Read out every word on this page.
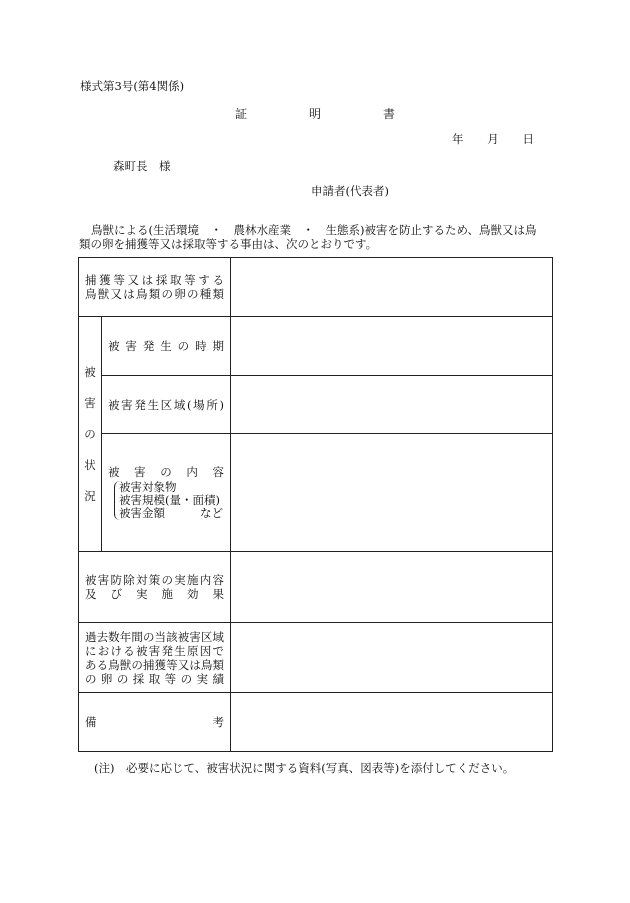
様式第3号(第4関係)
証	明	書
年 月 日
森町長　様
申請者(代表者)
鳥獣による(生活環境　・　農林水産業　・　生態系)被害を防止するため、鳥獣又は鳥
類の卵を捕獲等又は採取等する事由は、次のとおりです。
捕獲等又は採取等する
鳥獣又は鳥類の卵の種類		

被
害
の
状
況	被害発生の時期	

	被害発生区域(場所)	

	被害の内容
被害対象物
被害規模(量・面積)
被害金額 など	

被害防除対策の実施内容
及び実施効果		

過去数年間の当該被害区域
における被害発生原因で
ある鳥獣の捕獲等又は鳥類
の卵の採取等の実績		

備 考		

(注)　必要に応じて、被害状況に関する資料(写真、図表等)を添付してください。
